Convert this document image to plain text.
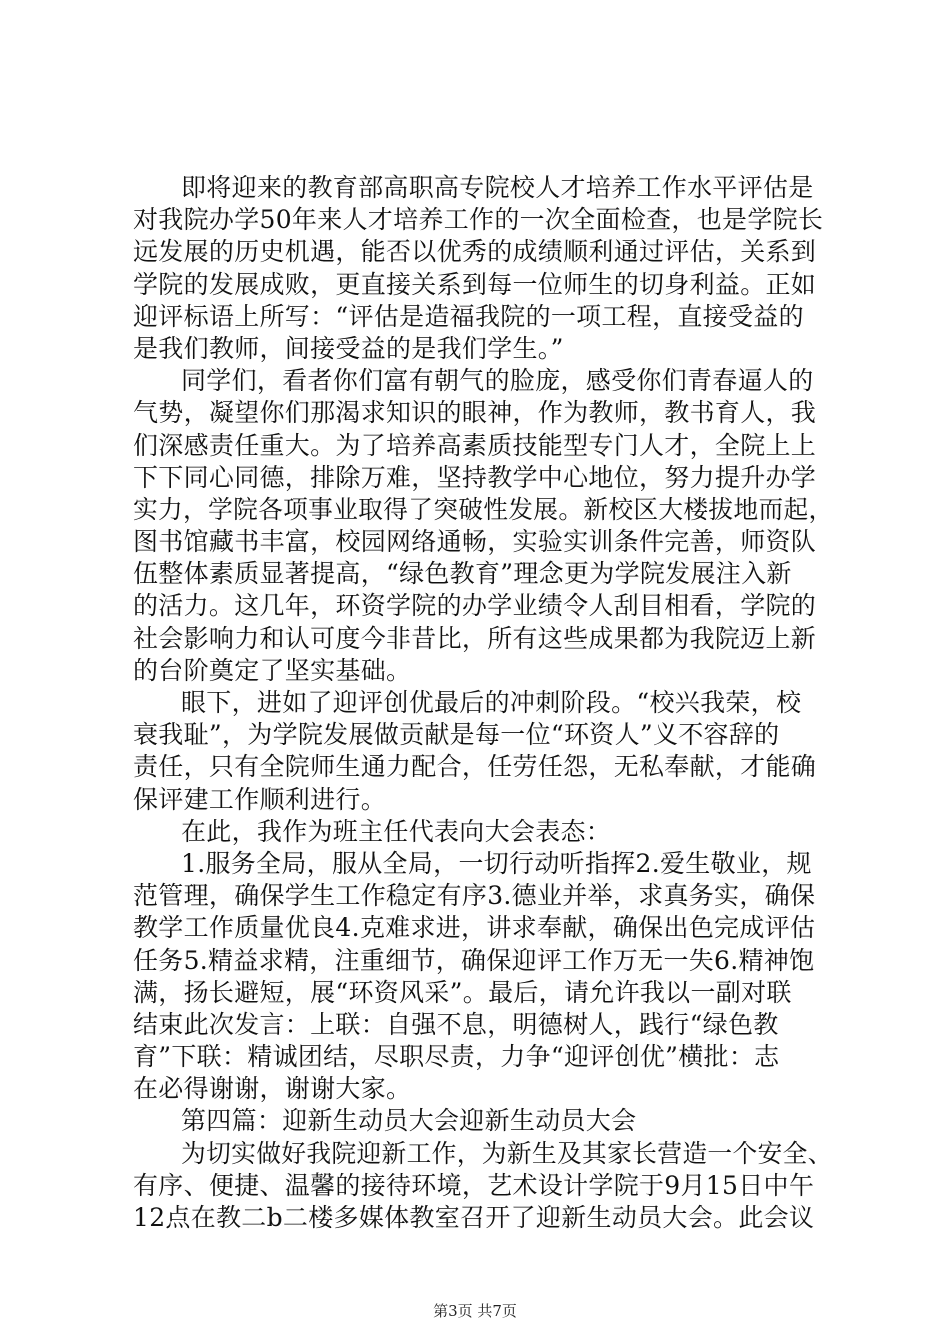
即将迎来的教育部高职高专院校人才培养工作水平评估是
对我院办学50年来人才培养工作的一次全面检查，也是学院长
远发展的历史机遇，能否以优秀的成绩顺利通过评估，关系到
学院的发展成败，更直接关系到每一位师生的切身利益。正如
迎评标语上所写：“评估是造福我院的一项工程，直接受益的
是我们教师，间接受益的是我们学生。”
同学们，看者你们富有朝气的脸庞，感受你们青春逼人的
气势，凝望你们那渴求知识的眼神，作为教师，教书育人，我
们深感责任重大。为了培养高素质技能型专门人才，全院上上
下下同心同德，排除万难，坚持教学中心地位，努力提升办学
实力，学院各项事业取得了突破性发展。新校区大楼拔地而起，
图书馆藏书丰富，校园网络通畅，实验实训条件完善，师资队
伍整体素质显著提高，“绿色教育”理念更为学院发展注入新
的活力。这几年，环资学院的办学业绩令人刮目相看，学院的
社会影响力和认可度今非昔比，所有这些成果都为我院迈上新
的台阶奠定了坚实基础。
眼下，进如了迎评创优最后的冲刺阶段。“校兴我荣，校
衰我耻”，为学院发展做贡献是每一位“环资人”义不容辞的
责任，只有全院师生通力配合，任劳任怨，无私奉献，才能确
保评建工作顺利进行。
在此，我作为班主任代表向大会表态：
1.服务全局，服从全局，一切行动听指挥2.爱生敬业，规
范管理，确保学生工作稳定有序3.德业并举，求真务实，确保
教学工作质量优良4.克难求进，讲求奉献，确保出色完成评估
任务5.精益求精，注重细节，确保迎评工作万无一失6.精神饱
满，扬长避短，展“环资风采”。最后，请允许我以一副对联
结束此次发言：上联：自强不息，明德树人，践行“绿色教
育”下联：精诚团结，尽职尽责，力争“迎评创优”横批：志
在必得谢谢，谢谢大家。
第四篇：迎新生动员大会迎新生动员大会
为切实做好我院迎新工作，为新生及其家长营造一个安全、
有序、便捷、温馨的接待环境，艺术设计学院于9月15日中午
12点在教二b二楼多媒体教室召开了迎新生动员大会。此会议
第3页 共7页
